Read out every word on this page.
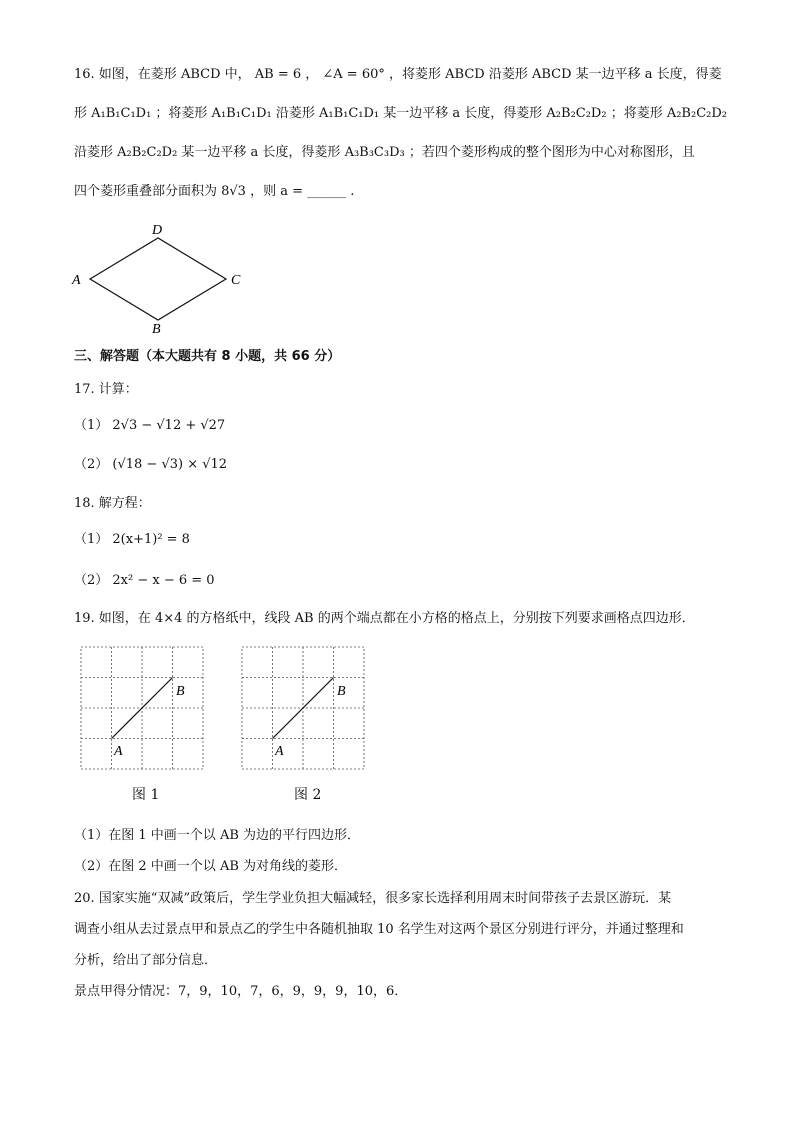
16. 如图，在菱形 ABCD 中， AB = 6 ， ∠A = 60° ，将菱形 ABCD 沿菱形 ABCD 某一边平移 a 长度，得菱
形 A₁B₁C₁D₁ ；将菱形 A₁B₁C₁D₁ 沿菱形 A₁B₁C₁D₁ 某一边平移 a 长度，得菱形 A₂B₂C₂D₂ ；将菱形 A₂B₂C₂D₂
沿菱形 A₂B₂C₂D₂ 某一边平移 a 长度，得菱形 A₃B₃C₃D₃ ；若四个菱形构成的整个图形为中心对称图形，且
四个菱形重叠部分面积为 8√3 ，则 a = ______ .
A
D
C
B
三、解答题（本大题共有 8 小题，共 66 分）
17. 计算：
（1） 2√3 − √12 + √27
（2） (√18 − √3) × √12
18. 解方程：
（1） 2(x+1)² = 8
（2） 2x² − x − 6 = 0
19. 如图，在 4×4 的方格纸中，线段 AB 的两个端点都在小方格的格点上，分别按下列要求画格点四边形．
A
B
图 1
A
B
图 2
（1）在图 1 中画一个以 AB 为边的平行四边形．
（2）在图 2 中画一个以 AB 为对角线的菱形．
20. 国家实施“双减”政策后，学生学业负担大幅减轻，很多家长选择利用周末时间带孩子去景区游玩．某
调查小组从去过景点甲和景点乙的学生中各随机抽取 10 名学生对这两个景区分别进行评分，并通过整理和
分析，给出了部分信息．
景点甲得分情况：7，9，10，7，6，9，9，9，10，6．
